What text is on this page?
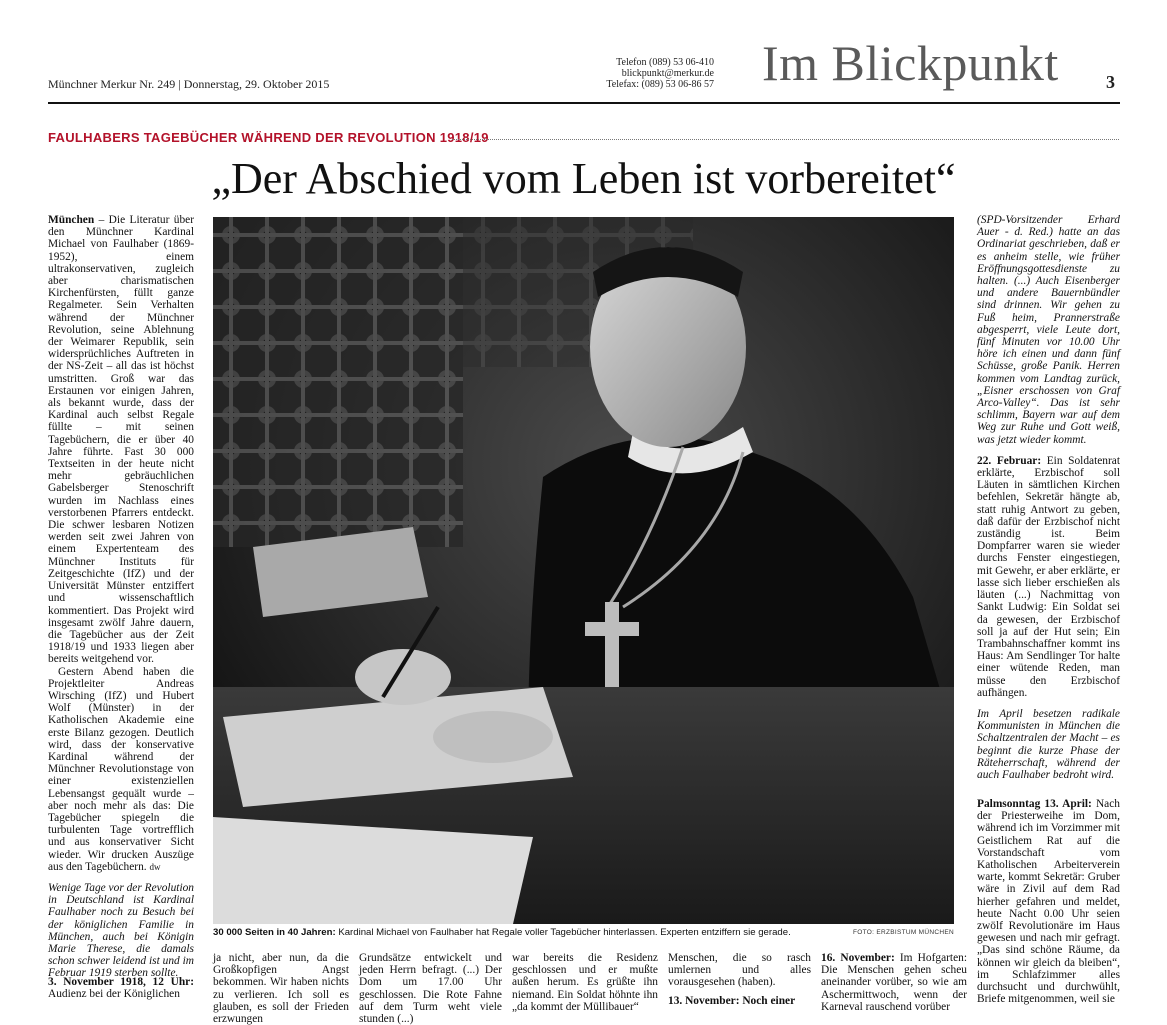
Münchner Merkur Nr. 249 | Donnerstag, 29. Oktober 2015
Telefon (089) 53 06-410
blickpunkt@merkur.de
Telefax: (089) 53 06-86 57 Im Blickpunkt	3
FAULHABERS TAGEBÜCHER WÄHREND DER REVOLUTION 1918/19
„Der Abschied vom Leben ist vorbereitet“

München – Die Literatur über den Münchner Kardinal Michael von Faulhaber (1869-1952), einem ultrakonservativen, zugleich aber charismatischen Kirchenfürsten, füllt ganze Regalmeter. Sein Verhalten während der Münchner Revolution, seine Ablehnung der Weimarer Republik, sein widersprüchliches Auftreten in der NS-Zeit – all das ist höchst umstritten. Groß war das Erstaunen vor einigen Jahren, als bekannt wurde, dass der Kardinal auch selbst Regale füllte – mit seinen Tagebüchern, die er über 40 Jahre führte. Fast 30 000 Textseiten in der heute nicht mehr gebräuchlichen Gabelsberger Stenoschrift wurden im Nachlass eines verstorbenen Pfarrers entdeckt. Die schwer lesbaren Notizen werden seit zwei Jahren von einem Expertenteam des Münchner Instituts für Zeitgeschichte (IfZ) und der Universität Münster entziffert und wissenschaftlich kommentiert. Das Projekt wird insgesamt zwölf Jahre dauern, die Tagebücher aus der Zeit 1918/19 und 1933 liegen aber bereits weitgehend vor.

Gestern Abend haben die Projektleiter Andreas Wirsching (IfZ) und Hubert Wolf (Münster) in der Katholischen Akademie eine erste Bilanz gezogen. Deutlich wird, dass der konservative Kardinal während der Münchner Revolutionstage von einer existenziellen Lebensangst gequält wurde – aber noch mehr als das: Die Tagebücher spiegeln die turbulenten Tage vortrefflich und aus konservativer Sicht wieder. Wir drucken Auszüge aus den Tagebüchern. dw

Wenige Tage vor der Revolution in Deutschland ist Kardinal Faulhaber noch zu Besuch bei der königlichen Familie in München, auch bei Königin Marie Therese, die damals schon schwer leidend ist und im Februar 1919 sterben sollte.

3. November 1918, 12 Uhr: Audienz bei der Königlichen

30 000 Seiten in 40 Jahren: Kardinal Michael von Faulhaber hat Regale voller Tagebücher hinterlassen. Experten entziffern sie gerade.	FOTO: ERZBISTUM MÜNCHEN

(SPD-Vorsitzender Erhard Auer - d. Red.) hatte an das Ordinariat geschrieben, daß er es anheim stelle, wie früher Eröffnungsgottesdienste zu halten. (...) Auch Eisenberger und andere Bauernbündler sind drinnen. Wir gehen zu Fuß heim, Prannerstraße abgesperrt, viele Leute dort, fünf Minuten vor 10.00 Uhr höre ich einen und dann fünf Schüsse, große Panik. Herren kommen vom Landtag zurück, „Eisner erschossen von Graf Arco-Valley“. Das ist sehr schlimm, Bayern war auf dem Weg zur Ruhe und Gott weiß, was jetzt wieder kommt.

22. Februar: Ein Soldatenrat erklärte, Erzbischof soll Läuten in sämtlichen Kirchen befehlen, Sekretär hängte ab, statt ruhig Antwort zu geben, daß dafür der Erzbischof nicht zuständig ist. Beim Dompfarrer waren sie wieder durchs Fenster eingestiegen, mit Gewehr, er aber erklärte, er lasse sich lieber erschießen als läuten (...) Nachmittag von Sankt Ludwig: Ein Soldat sei da gewesen, der Erzbischof soll ja auf der Hut sein; Ein Trambahnschaffner kommt ins Haus: Am Sendlinger Tor halte einer wütende Reden, man müsse den Erzbischof aufhängen.

Im April besetzen radikale Kommunisten in München die Schaltzentralen der Macht – es beginnt die kurze Phase der Räteherrschaft, während der auch Faulhaber bedroht wird.

Palmsonntag 13. April: Nach der Priesterweihe im Dom, während ich im Vorzimmer mit Geistlichem Rat auf die Vorstandschaft vom Katholischen Arbeiterverein warte, kommt Sekretär: Gruber wäre in Zivil auf dem Rad hierher gefahren und meldet, heute Nacht 0.00 Uhr seien zwölf Revolutionäre im Haus gewesen und nach mir gefragt. „Das sind schöne Räume, da können wir gleich da bleiben“, im Schlafzimmer alles durchsucht und durchwühlt, Briefe mitgenommen, weil sie

ja nicht, aber nun, da die Großkopfigen Angst bekommen. Wir haben nichts zu verlieren. Ich soll es glauben, es soll der Frieden erzwungen
Grundsätze entwickelt und jeden Herrn befragt. (...) Der Dom um 17.00 Uhr geschlossen. Die Rote Fahne auf dem Turm weht viele stunden (...)
war bereits die Residenz geschlossen und er mußte außen herum. Es grüßte ihn niemand. Ein Soldat höhnte ihn „da kommt der Müllibauer“
Menschen, die so rasch umlernen und alles vorausgesehen (haben).
13. November: Noch einer
16. November: Im Hofgarten: Die Menschen gehen scheu aneinander vorüber, so wie am Aschermittwoch, wenn der Karneval rauschend vorüber
